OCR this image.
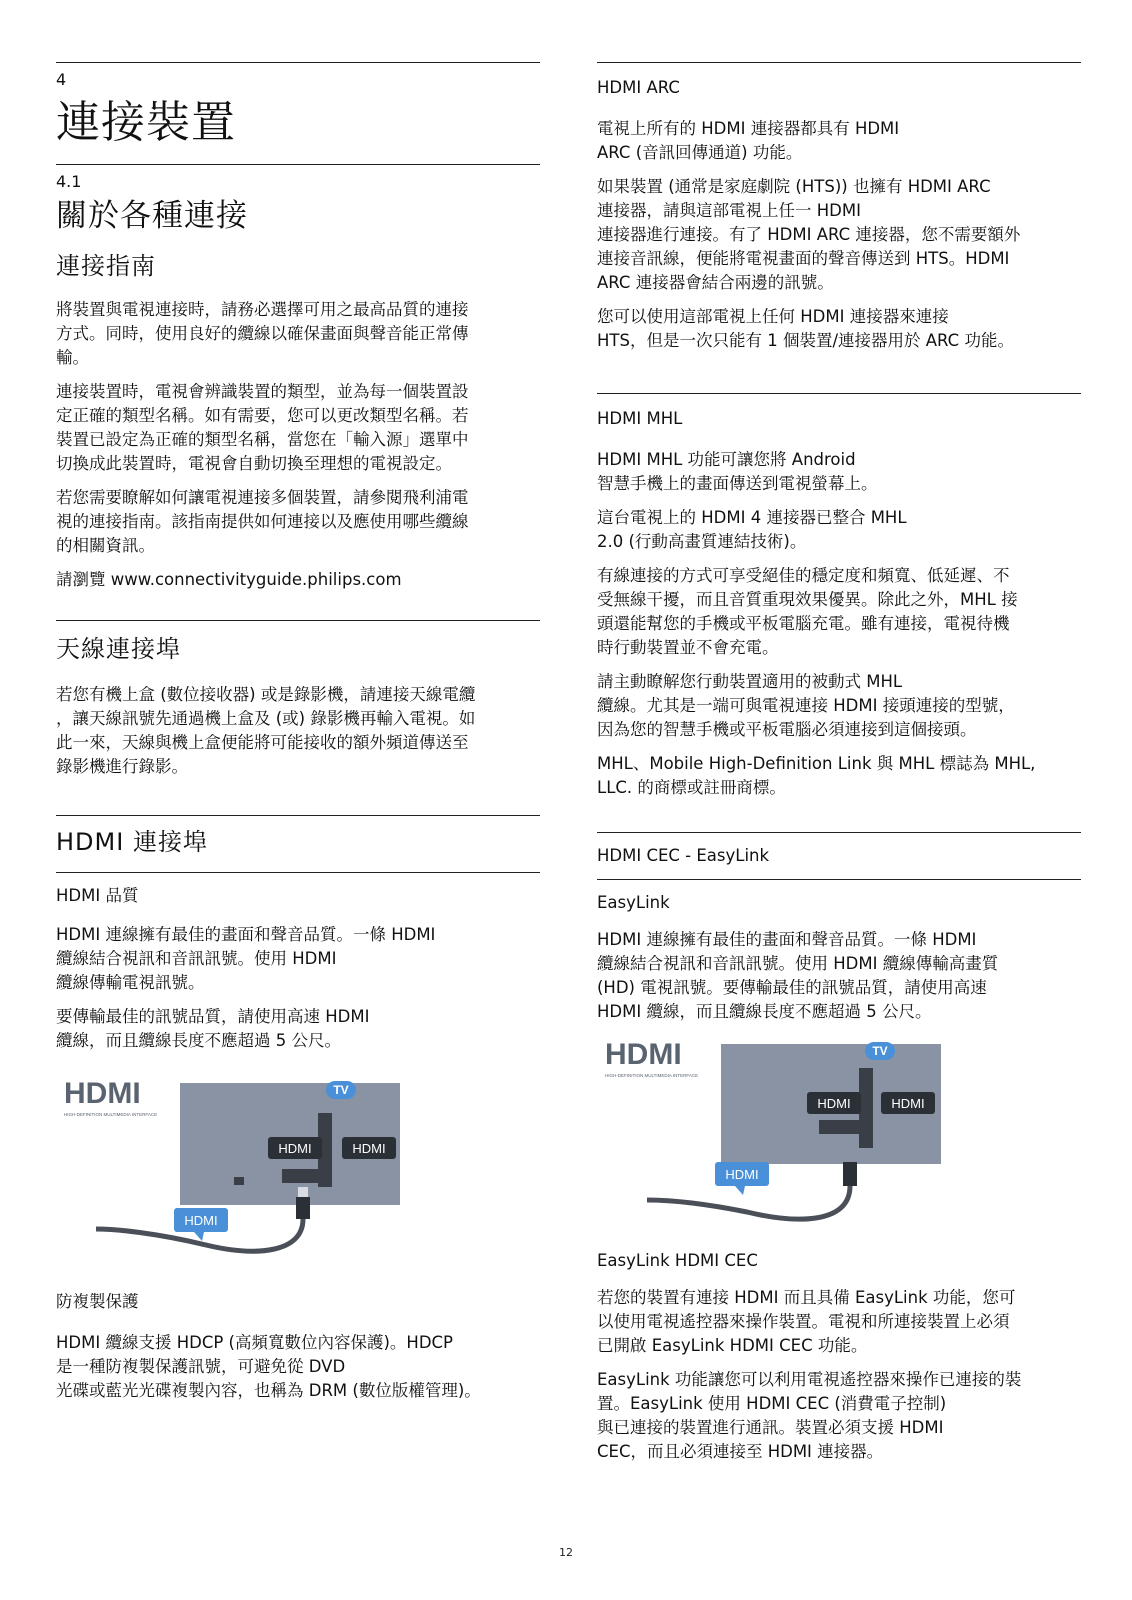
4
連接裝置
4.1
關於各種連接
連接指南

將裝置與電視連接時，請務必選擇可用之最高品質的連接
方式。同時，使用良好的纜線以確保畫面與聲音能正常傳
輸。

連接裝置時，電視會辨識裝置的類型，並為每一個裝置設
定正確的類型名稱。如有需要，您可以更改類型名稱。若
裝置已設定為正確的類型名稱，當您在「輸入源」選單中
切換成此裝置時，電視會自動切換至理想的電視設定。

若您需要瞭解如何讓電視連接多個裝置，請參閱飛利浦電
視的連接指南。該指南提供如何連接以及應使用哪些纜線
的相關資訊。

請瀏覽 www.connectivityguide.philips.com

天線連接埠

若您有機上盒 (數位接收器) 或是錄影機，請連接天線電纜
，讓天線訊號先通過機上盒及 (或) 錄影機再輸入電視。如
此一來，天線與機上盒便能將可能接收的額外頻道傳送至
錄影機進行錄影。

HDMI 連接埠
HDMI 品質

HDMI 連線擁有最佳的畫面和聲音品質。一條 HDMI
纜線結合視訊和音訊訊號。使用 HDMI
纜線傳輸電視訊號。

要傳輸最佳的訊號品質，請使用高速 HDMI
纜線，而且纜線長度不應超過 5 公尺。

HDMI
HIGH-DEFINITION MULTIMEDIA INTERFACE
TV
HDMI	HDMI
HDMI
防複製保護

HDMI 纜線支援 HDCP (高頻寬數位內容保護)。HDCP
是一種防複製保護訊號，可避免從 DVD
光碟或藍光光碟複製內容，也稱為 DRM (數位版權管理)。

HDMI ARC

電視上所有的 HDMI 連接器都具有 HDMI
ARC (音訊回傳通道) 功能。

如果裝置 (通常是家庭劇院 (HTS)) 也擁有 HDMI ARC
連接器，請與這部電視上任一 HDMI
連接器進行連接。有了 HDMI ARC 連接器，您不需要額外
連接音訊線，便能將電視畫面的聲音傳送到 HTS。HDMI
ARC 連接器會結合兩邊的訊號。

您可以使用這部電視上任何 HDMI 連接器來連接
HTS，但是一次只能有 1 個裝置/連接器用於 ARC 功能。

HDMI MHL

HDMI MHL 功能可讓您將 Android
智慧手機上的畫面傳送到電視螢幕上。

這台電視上的 HDMI 4 連接器已整合 MHL
2.0 (行動高畫質連結技術)。

有線連接的方式可享受絕佳的穩定度和頻寬、低延遲、不
受無線干擾，而且音質重現效果優異。除此之外，MHL 接
頭還能幫您的手機或平板電腦充電。雖有連接，電視待機
時行動裝置並不會充電。

請主動瞭解您行動裝置適用的被動式 MHL
纜線。尤其是一端可與電視連接 HDMI 接頭連接的型號，
因為您的智慧手機或平板電腦必須連接到這個接頭。

MHL、Mobile High-Definition Link 與 MHL 標誌為 MHL,
LLC. 的商標或註冊商標。

HDMI CEC - EasyLink
EasyLink

HDMI 連線擁有最佳的畫面和聲音品質。一條 HDMI
纜線結合視訊和音訊訊號。使用 HDMI 纜線傳輸高畫質
(HD) 電視訊號。要傳輸最佳的訊號品質，請使用高速
HDMI 纜線，而且纜線長度不應超過 5 公尺。

HDMI
HIGH-DEFINITION MULTIMEDIA INTERFACE
TV
HDMI	HDMI
HDMI
EasyLink HDMI CEC

若您的裝置有連接 HDMI 而且具備 EasyLink 功能，您可
以使用電視遙控器來操作裝置。電視和所連接裝置上必須
已開啟 EasyLink HDMI CEC 功能。

EasyLink 功能讓您可以利用電視遙控器來操作已連接的裝
置。EasyLink 使用 HDMI CEC (消費電子控制)
與已連接的裝置進行通訊。裝置必須支援 HDMI
CEC，而且必須連接至 HDMI 連接器。

12
